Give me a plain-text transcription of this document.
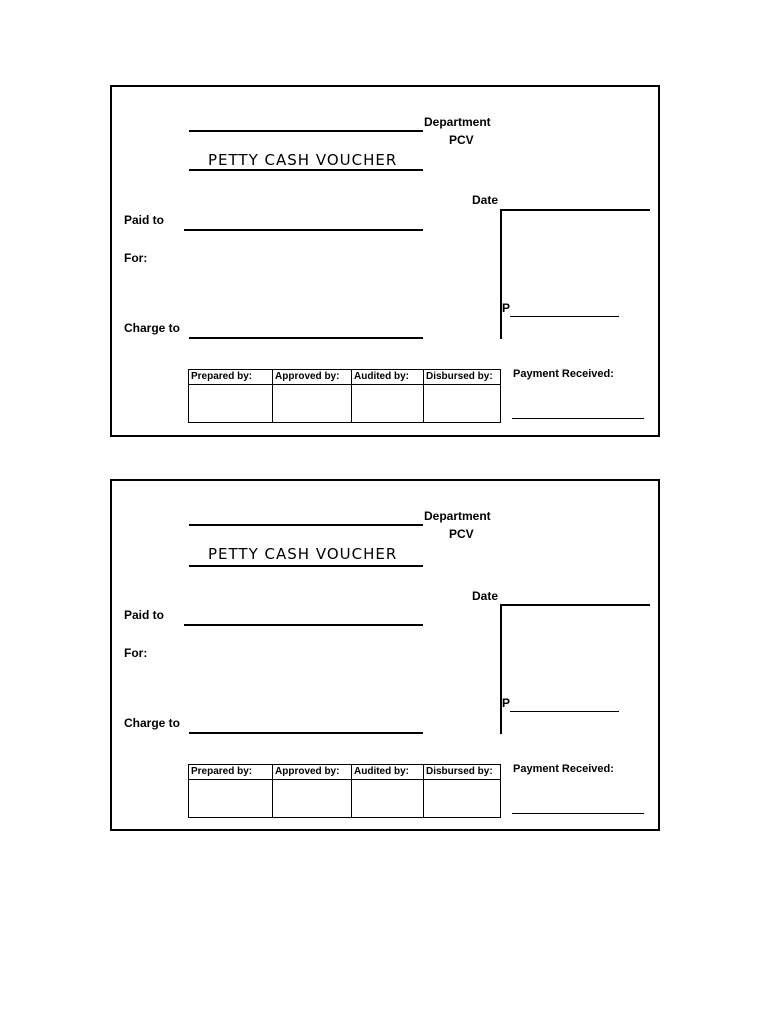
Department
PCV
PETTY CASH VOUCHER
Date
Paid to
For:
P
Charge to
Prepared by:	Approved by:	Audited by:	Disbursed by:
			Payment Received:
Department
PCV
PETTY CASH VOUCHER
Date
Paid to
For:
P
Charge to
Prepared by:	Approved by:	Audited by:	Disbursed by:
			Payment Received:
